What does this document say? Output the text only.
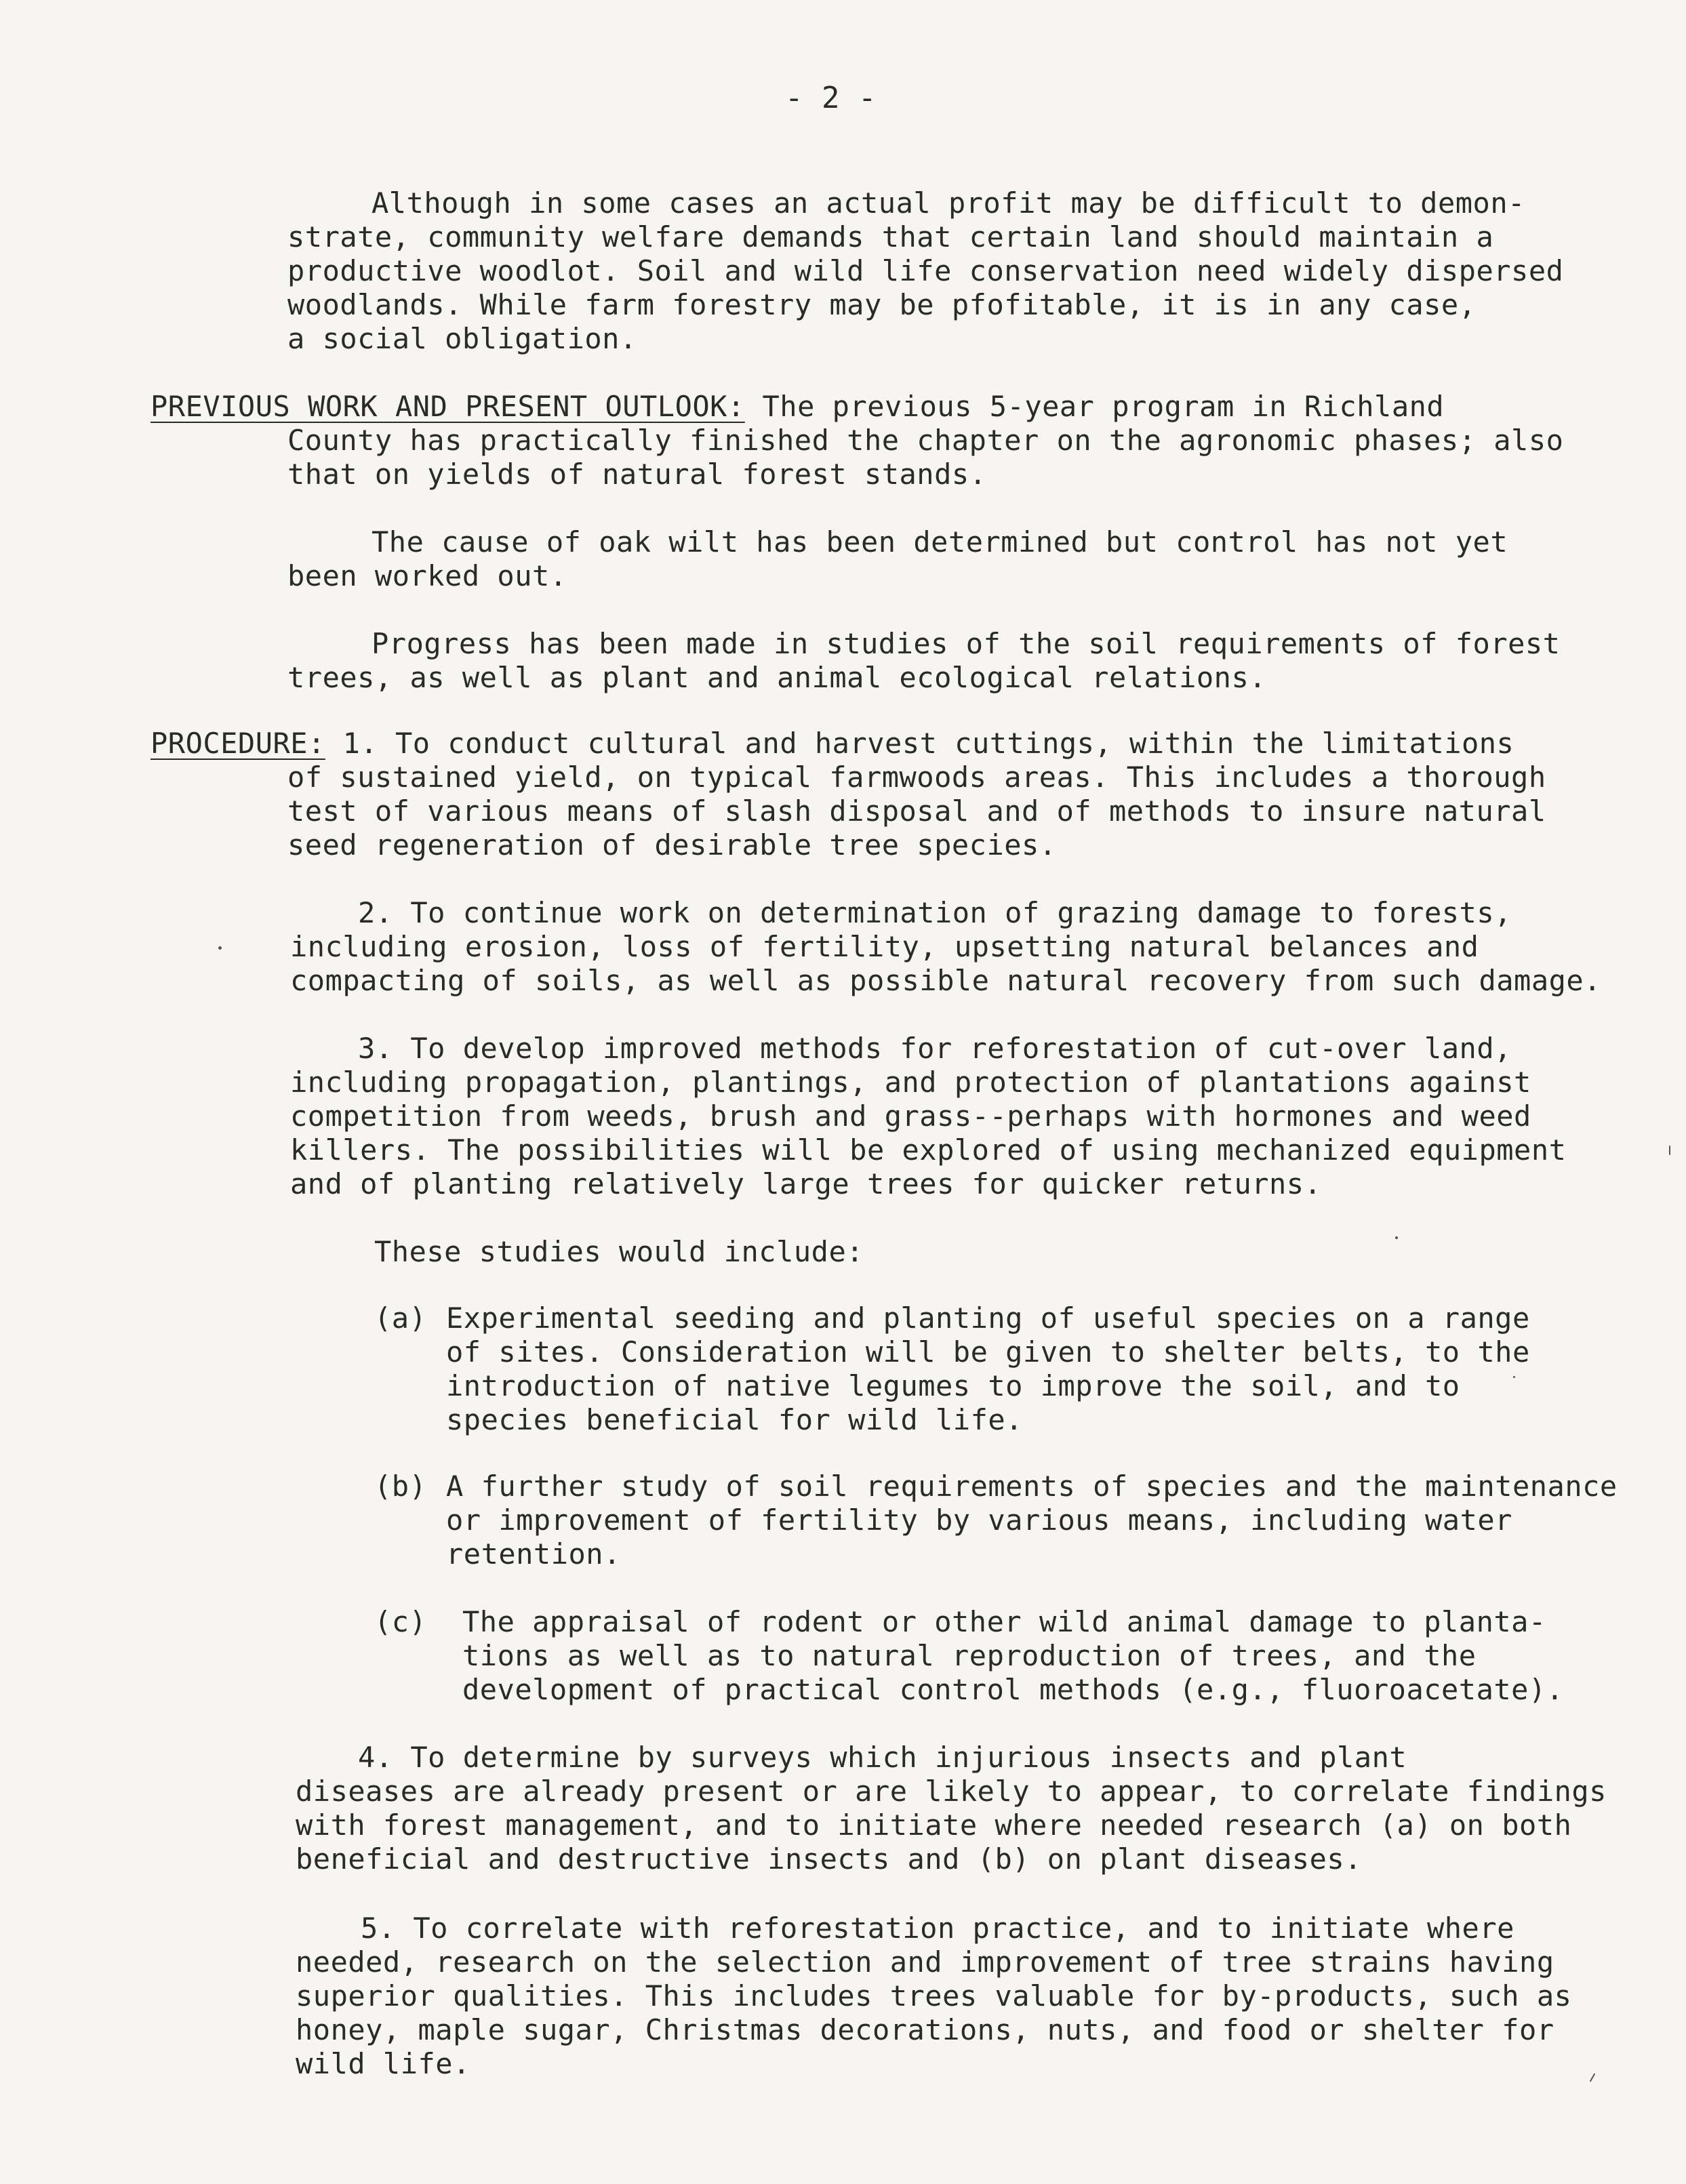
- 2 -
Although in some cases an actual profit may be difficult to demon-
strate, community welfare demands that certain land should maintain a
productive woodlot. Soil and wild life conservation need widely dispersed
woodlands. While farm forestry may be pfofitable, it is in any case,
a social obligation.
PREVIOUS WORK AND PRESENT OUTLOOK: The previous 5-year program in Richland
County has practically finished the chapter on the agronomic phases; also
that on yields of natural forest stands.
The cause of oak wilt has been determined but control has not yet
been worked out.
Progress has been made in studies of the soil requirements of forest
trees, as well as plant and animal ecological relations.
PROCEDURE: 1. To conduct cultural and harvest cuttings, within the limitations
of sustained yield, on typical farmwoods areas. This includes a thorough
test of various means of slash disposal and of methods to insure natural
seed regeneration of desirable tree species.
2. To continue work on determination of grazing damage to forests,
including erosion, loss of fertility, upsetting natural belances and
compacting of soils, as well as possible natural recovery from such damage.
3. To develop improved methods for reforestation of cut-over land,
including propagation, plantings, and protection of plantations against
competition from weeds, brush and grass--perhaps with hormones and weed
killers. The possibilities will be explored of using mechanized equipment
and of planting relatively large trees for quicker returns.
These studies would include:
(a) Experimental seeding and planting of useful species on a range
of sites. Consideration will be given to shelter belts, to the
introduction of native legumes to improve the soil, and to
species beneficial for wild life.
(b) A further study of soil requirements of species and the maintenance
or improvement of fertility by various means, including water
retention.
(c) The appraisal of rodent or other wild animal damage to planta-
tions as well as to natural reproduction of trees, and the
development of practical control methods (e.g., fluoroacetate).
4. To determine by surveys which injurious insects and plant
diseases are already present or are likely to appear, to correlate findings
with forest management, and to initiate where needed research (a) on both
beneficial and destructive insects and (b) on plant diseases.
5. To correlate with reforestation practice, and to initiate where
needed, research on the selection and improvement of tree strains having
superior qualities. This includes trees valuable for by-products, such as
honey, maple sugar, Christmas decorations, nuts, and food or shelter for
wild life.
